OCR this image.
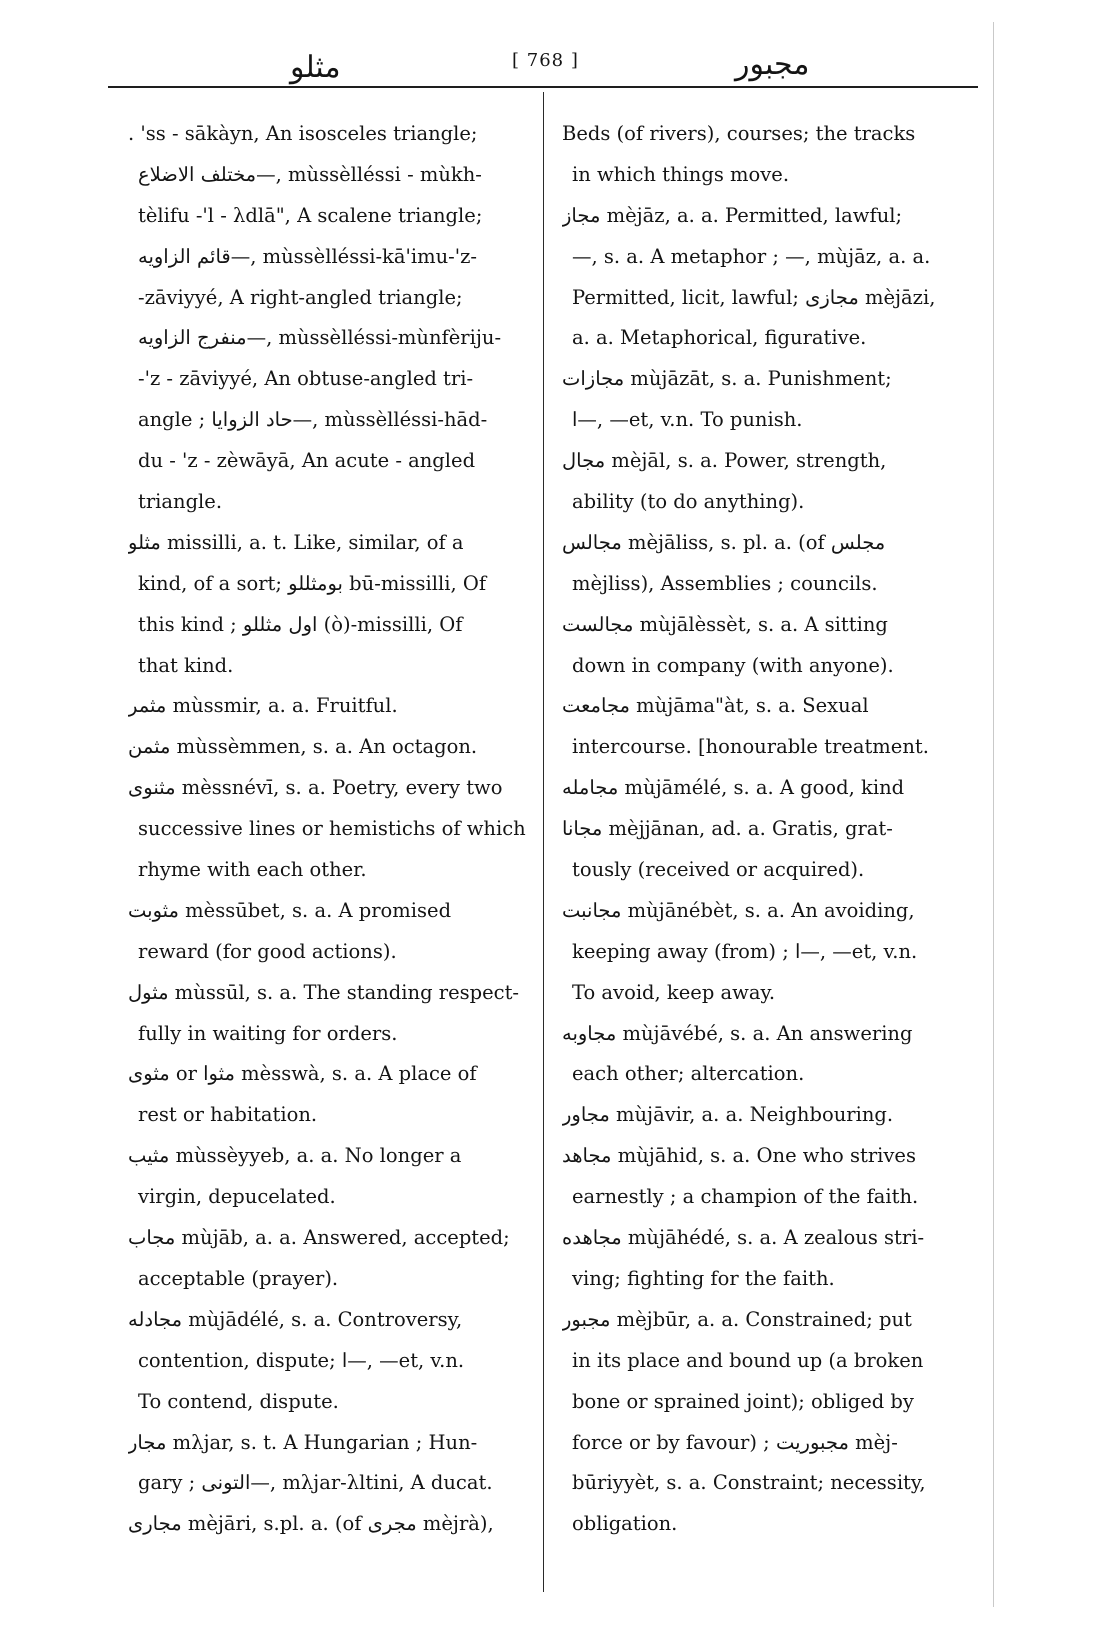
مثلو	[ 768 ]	مجبور
. 'ss - sākàyn, An isosceles triangle;
مختلف الاضلاع—, mùssèlléssi - mùkh-
tèlifu -'l - λdlā", A scalene triangle;
قائم الزاويه—, mùssèlléssi-kā'imu-'z-
-zāviyyé, A right-angled triangle;
منفرج الزاويه—, mùssèlléssi-mùnfèriju-
-'z - zāviyyé, An obtuse-angled tri-
angle ; حاد الزوايا—, mùssèlléssi-hād-
du - 'z - zèwāyā, An acute - angled
triangle.
مثلو missilli, a. t. Like, similar, of a
kind, of a sort; بومثللو bū-missilli, Of
this kind ; اول مثللو (ò)-missilli, Of
that kind.
مثمر mùssmir, a. a. Fruitful.
مثمن mùssèmmen, s. a. An octagon.
مثنوى mèssnévī, s. a. Poetry, every two
successive lines or hemistichs of which
rhyme with each other.
مثوبت mèssūbet, s. a. A promised
reward (for good actions).
مثول mùssūl, s. a. The standing respect-
fully in waiting for orders.
مثوى or مثوا mèsswà, s. a. A place of
rest or habitation.
مثيب mùssèyyeb, a. a. No longer a
virgin, depucelated.
مجاب mùjāb, a. a. Answered, accepted;
acceptable (prayer).
مجادله mùjādélé, s. a. Controversy,
contention, dispute; ا—, —et, v.n.
To contend, dispute.
مجار mλjar, s. t. A Hungarian ; Hun-
gary ; التونى—, mλjar-λltini, A ducat.
مجارى mèjāri, s.pl. a. (of مجرى mèjrà),
Beds (of rivers), courses; the tracks
in which things move.
مجاز mèjāz, a. a. Permitted, lawful;
—, s. a. A metaphor ; —, mùjāz, a. a.
Permitted, licit, lawful; مجازى mèjāzi,
a. a. Metaphorical, figurative.
مجازات mùjāzāt, s. a. Punishment;
ا—, —et, v.n. To punish.
مجال mèjāl, s. a. Power, strength,
ability (to do anything).
مجالس mèjāliss, s. pl. a. (of مجلس
mèjliss), Assemblies ; councils.
مجالست mùjālèssèt, s. a. A sitting
down in company (with anyone).
مجامعت mùjāma"àt, s. a. Sexual
intercourse. [honourable treatment.
مجامله mùjāmélé, s. a. A good, kind
مجانا mèjjānan, ad. a. Gratis, grat-
tously (received or acquired).
مجانبت mùjānébèt, s. a. An avoiding,
keeping away (from) ; ا—, —et, v.n.
To avoid, keep away.
مجاوبه mùjāvébé, s. a. An answering
each other; altercation.
مجاور mùjāvir, a. a. Neighbouring.
مجاهد mùjāhid, s. a. One who strives
earnestly ; a champion of the faith.
مجاهده mùjāhédé, s. a. A zealous stri-
ving; fighting for the faith.
مجبور mèjbūr, a. a. Constrained; put
in its place and bound up (a broken
bone or sprained joint); obliged by
force or by favour) ; مجبوريت mèj-
būriyyèt, s. a. Constraint; necessity,
obligation.
